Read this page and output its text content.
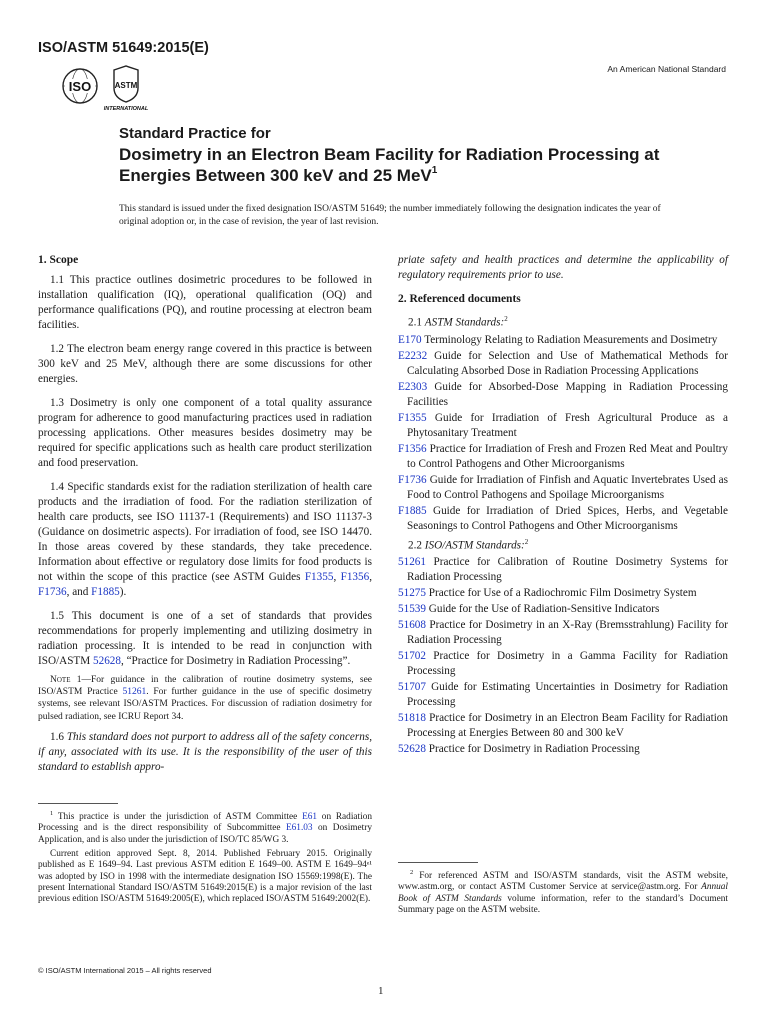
ISO/ASTM 51649:2015(E)
An American National Standard
ISO	ASTM
INTERNATIONAL
Standard Practice for
Dosimetry in an Electron Beam Facility for Radiation Processing at Energies Between 300 keV and 25 MeV$^1$
This standard is issued under the fixed designation ISO/ASTM 51649; the number immediately following the designation indicates the year of original adoption or, in the case of revision, the year of last revision.
1. Scope

1.1 This practice outlines dosimetric procedures to be followed in installation qualification (IQ), operational qualification (OQ) and performance qualifications (PQ), and routine processing at electron beam facilities.

1.2 The electron beam energy range covered in this practice is between 300 keV and 25 MeV, although there are some discussions for other energies.

1.3 Dosimetry is only one component of a total quality assurance program for adherence to good manufacturing practices used in radiation processing applications. Other measures besides dosimetry may be required for specific applications such as health care product sterilization and food preservation.

1.4 Specific standards exist for the radiation sterilization of health care products and the irradiation of food. For the radiation sterilization of health care products, see ISO 11137-1 (Requirements) and ISO 11137-3 (Guidance on dosimetric aspects). For irradiation of food, see ISO 14470. In those areas covered by these standards, they take precedence. Information about effective or regulatory dose limits for food products is not within the scope of this practice (see ASTM Guides F1355, F1356, F1736, and F1885).

1.5 This document is one of a set of standards that provides recommendations for properly implementing and utilizing dosimetry in radiation processing. It is intended to be read in conjunction with ISO/ASTM 52628, “Practice for Dosimetry in Radiation Processing”.

Note 1—For guidance in the calibration of routine dosimetry systems, see ISO/ASTM Practice 51261. For further guidance in the use of specific dosimetry systems, see relevant ISO/ASTM Practices. For discussion of radiation dosimetry for pulsed radiation, see ICRU Report 34.

1.6 This standard does not purport to address all of the safety concerns, if any, associated with its use. It is the responsibility of the user of this standard to establish appro-

$^1$ This practice is under the jurisdiction of ASTM Committee E61 on Radiation Processing and is the direct responsibility of Subcommittee E61.03 on Dosimetry Application, and is also under the jurisdiction of ISO/TC 85/WG 3.

Current edition approved Sept. 8, 2014. Published February 2015. Originally published as E 1649–94. Last previous ASTM edition E 1649–00. ASTM E 1649–94ᵉ¹ was adopted by ISO in 1998 with the intermediate designation ISO 15569:1998(E). The present International Standard ISO/ASTM 51649:2015(E) is a major revision of the last previous edition ISO/ASTM 51649:2005(E), which replaced ISO/ASTM 51649:2002(E).

priate safety and health practices and determine the applicability of regulatory requirements prior to use.

2. Referenced documents
2.1 ASTM Standards:$^2$
E170 Terminology Relating to Radiation Measurements and Dosimetry
E2232 Guide for Selection and Use of Mathematical Methods for Calculating Absorbed Dose in Radiation Processing Applications
E2303 Guide for Absorbed-Dose Mapping in Radiation Processing Facilities
F1355 Guide for Irradiation of Fresh Agricultural Produce as a Phytosanitary Treatment
F1356 Practice for Irradiation of Fresh and Frozen Red Meat and Poultry to Control Pathogens and Other Microorganisms
F1736 Guide for Irradiation of Finfish and Aquatic Invertebrates Used as Food to Control Pathogens and Spoilage Microorganisms
F1885 Guide for Irradiation of Dried Spices, Herbs, and Vegetable Seasonings to Control Pathogens and Other Microorganisms
2.2 ISO/ASTM Standards:$^2$
51261 Practice for Calibration of Routine Dosimetry Systems for Radiation Processing
51275 Practice for Use of a Radiochromic Film Dosimetry System
51539 Guide for the Use of Radiation-Sensitive Indicators
51608 Practice for Dosimetry in an X-Ray (Bremsstrahlung) Facility for Radiation Processing
51702 Practice for Dosimetry in a Gamma Facility for Radiation Processing
51707 Guide for Estimating Uncertainties in Dosimetry for Radiation Processing
51818 Practice for Dosimetry in an Electron Beam Facility for Radiation Processing at Energies Between 80 and 300 keV
52628 Practice for Dosimetry in Radiation Processing

$^2$ For referenced ASTM and ISO/ASTM standards, visit the ASTM website, www.astm.org, or contact ASTM Customer Service at service@astm.org. For Annual Book of ASTM Standards volume information, refer to the standard’s Document Summary page on the ASTM website.

© ISO/ASTM International 2015 – All rights reserved
1
